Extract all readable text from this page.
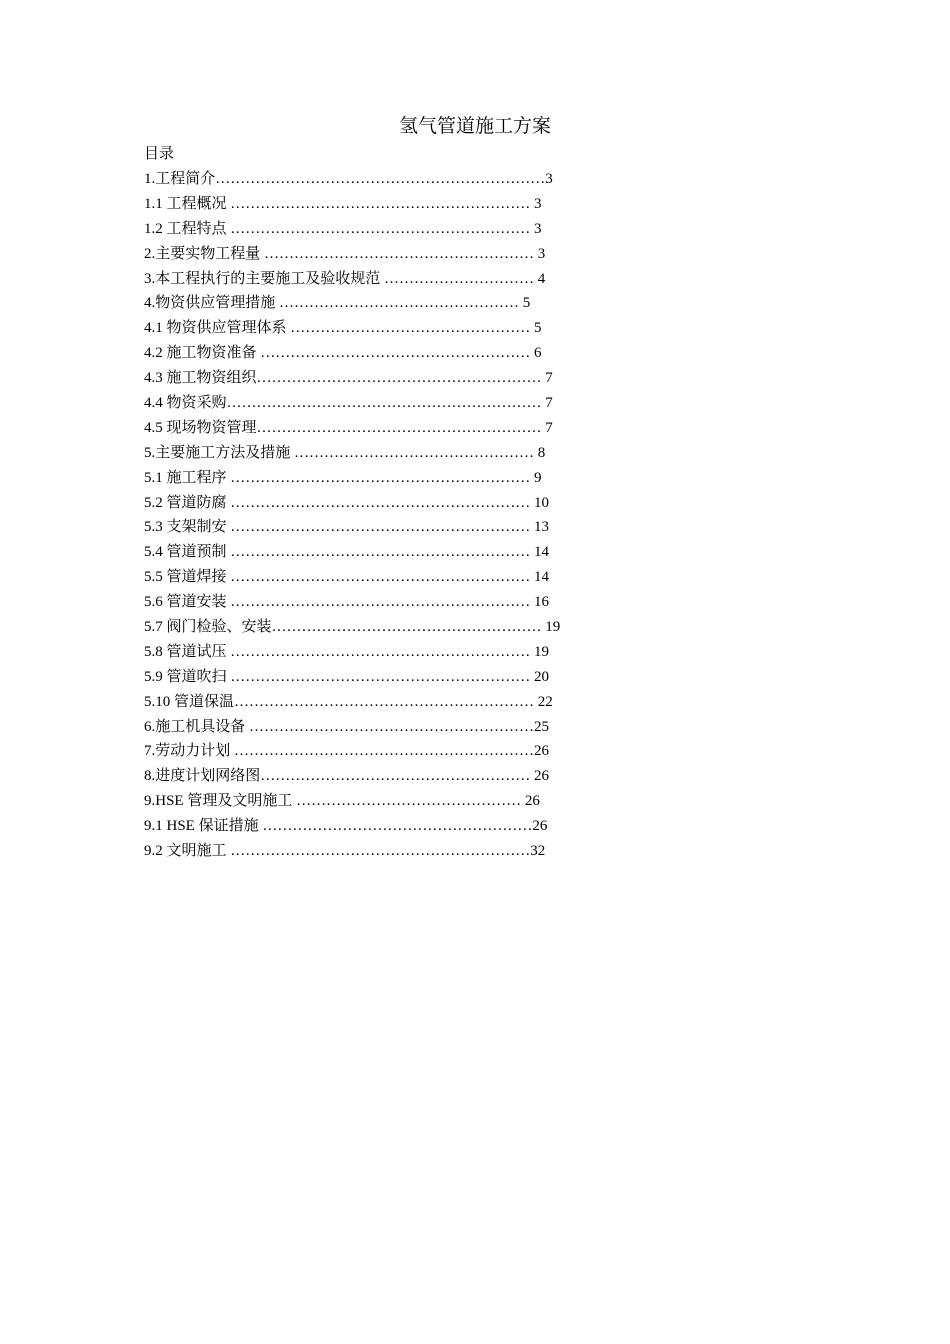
氢气管道施工方案
目录
1.工程简介…………………………………………………………3
1.1 工程概况 …………………………………………………… 3
1.2 工程特点 …………………………………………………… 3
2.主要实物工程量 ……………………………………………… 3
3.本工程执行的主要施工及验收规范 ………………………… 4
4.物资供应管理措施 ………………………………………… 5
4.1 物资供应管理体系 ………………………………………… 5
4.2 施工物资准备 ……………………………………………… 6
4.3 施工物资组织………………………………………………… 7
4.4 物资采购……………………………………………………… 7
4.5 现场物资管理………………………………………………… 7
5.主要施工方法及措施 ………………………………………… 8
5.1 施工程序 …………………………………………………… 9
5.2 管道防腐 …………………………………………………… 10
5.3 支架制安 …………………………………………………… 13
5.4 管道预制 …………………………………………………… 14
5.5 管道焊接 …………………………………………………… 14
5.6 管道安装 …………………………………………………… 16
5.7 阀门检验、安装……………………………………………… 19
5.8 管道试压 …………………………………………………… 19
5.9 管道吹扫 …………………………………………………… 20
5.10 管道保温…………………………………………………… 22
6.施工机具设备 …………………………………………………25
7.劳动力计划 ……………………………………………………26
8.进度计划网络图……………………………………………… 26
9.HSE 管理及文明施工 ……………………………………… 26
9.1 HSE 保证措施 ………………………………………………26
9.2 文明施工 ……………………………………………………32
